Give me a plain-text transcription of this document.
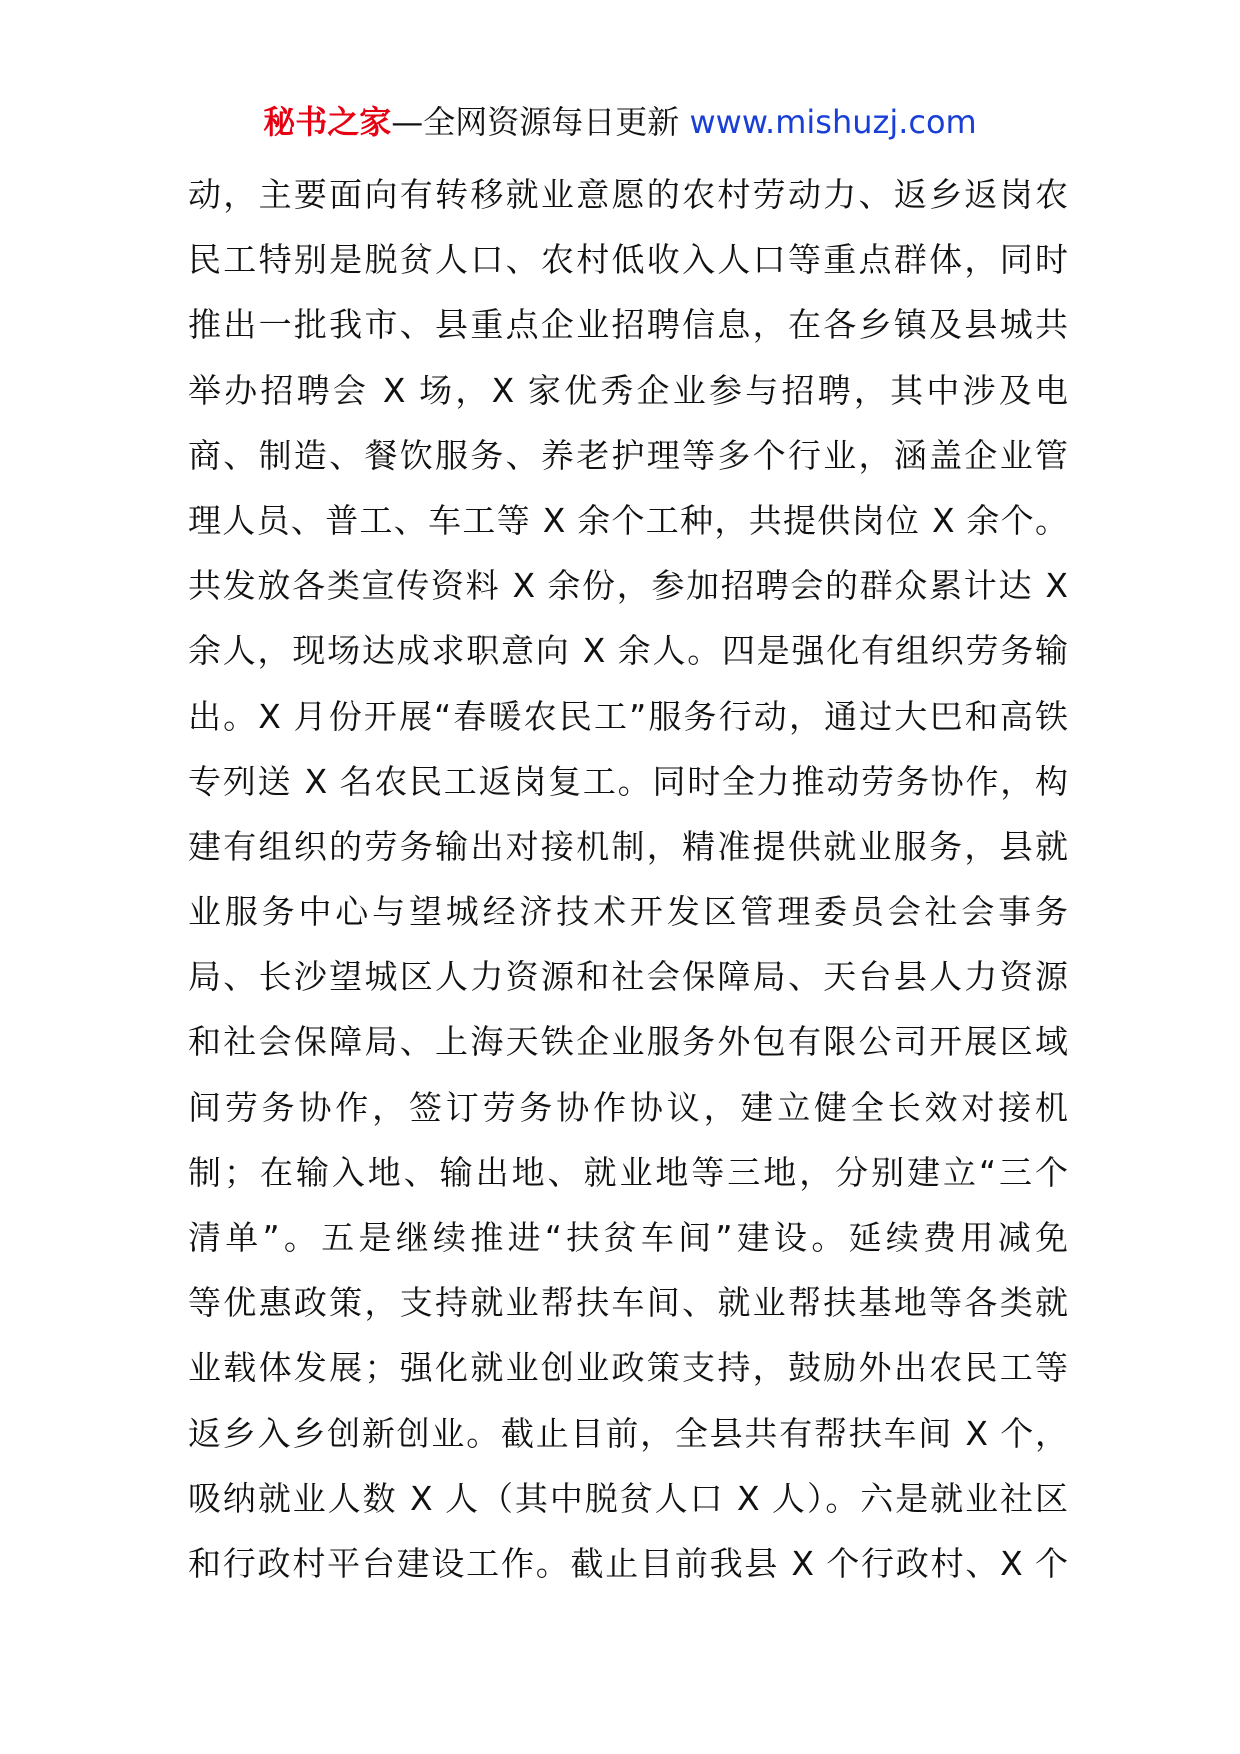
秘书之家—全网资源每日更新 www.mishuzj.com
动，主要面向有转移就业意愿的农村劳动力、返乡返岗农
民工特别是脱贫人口、农村低收入人口等重点群体，同时
推出一批我市、县重点企业招聘信息，在各乡镇及县城共
举办招聘会 X 场，X 家优秀企业参与招聘，其中涉及电
商、制造、餐饮服务、养老护理等多个行业，涵盖企业管
理人员、普工、车工等 X 余个工种，共提供岗位 X 余个。
共发放各类宣传资料 X 余份，参加招聘会的群众累计达 X
余人，现场达成求职意向 X 余人。四是强化有组织劳务输
出。X 月份开展“春暖农民工”服务行动，通过大巴和高铁
专列送 X 名农民工返岗复工。同时全力推动劳务协作，构
建有组织的劳务输出对接机制，精准提供就业服务，县就
业服务中心与望城经济技术开发区管理委员会社会事务
局、长沙望城区人力资源和社会保障局、天台县人力资源
和社会保障局、上海天铁企业服务外包有限公司开展区域
间劳务协作，签订劳务协作协议，建立健全长效对接机
制；在输入地、输出地、就业地等三地，分别建立“三个
清单”。五是继续推进“扶贫车间”建设。延续费用减免
等优惠政策，支持就业帮扶车间、就业帮扶基地等各类就
业载体发展；强化就业创业政策支持，鼓励外出农民工等
返乡入乡创新创业。截止目前，全县共有帮扶车间 X 个，
吸纳就业人数 X 人（其中脱贫人口 X 人）。六是就业社区
和行政村平台建设工作。截止目前我县 X 个行政村、X 个
